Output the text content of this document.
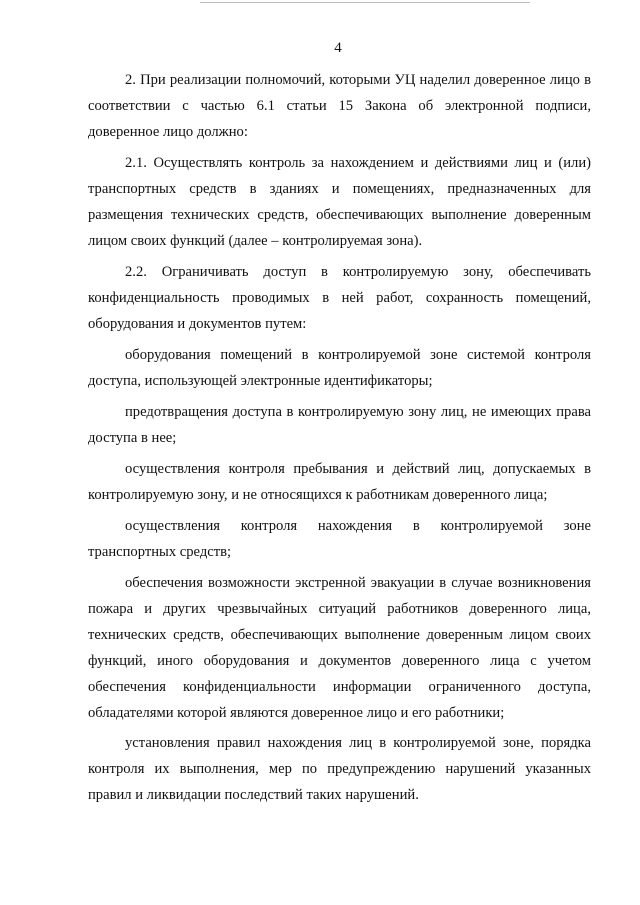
4

2. При реализации полномочий, которыми УЦ наделил доверенное лицо в соответствии с частью 6.1 статьи 15 Закона об электронной подписи, доверенное лицо должно:

2.1. Осуществлять контроль за нахождением и действиями лиц и (или) транспортных средств в зданиях и помещениях, предназначенных для размещения технических средств, обеспечивающих выполнение доверенным лицом своих функций (далее – контролируемая зона).

2.2. Ограничивать доступ в контролируемую зону, обеспечивать конфиденциальность проводимых в ней работ, сохранность помещений, оборудования и документов путем:

оборудования помещений в контролируемой зоне системой контроля доступа, использующей электронные идентификаторы;

предотвращения доступа в контролируемую зону лиц, не имеющих права доступа в нее;

осуществления контроля пребывания и действий лиц, допускаемых в контролируемую зону, и не относящихся к работникам доверенного лица;

осуществления контроля нахождения в контролируемой зоне транспортных средств;

обеспечения возможности экстренной эвакуации в случае возникновения пожара и других чрезвычайных ситуаций работников доверенного лица, технических средств, обеспечивающих выполнение доверенным лицом своих функций, иного оборудования и документов доверенного лица с учетом обеспечения конфиденциальности информации ограниченного доступа, обладателями которой являются доверенное лицо и его работники;

установления правил нахождения лиц в контролируемой зоне, порядка контроля их выполнения, мер по предупреждению нарушений указанных правил и ликвидации последствий таких нарушений.
